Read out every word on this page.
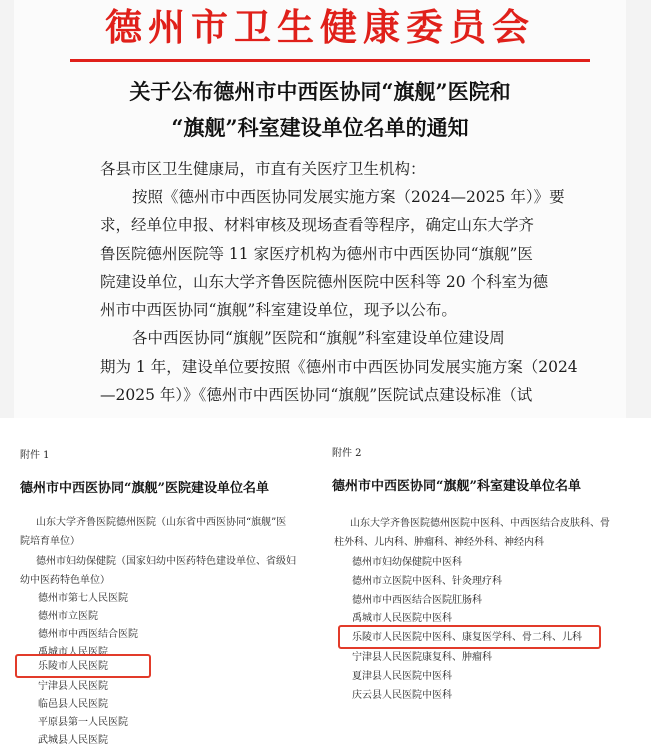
德州市卫生健康委员会
关于公布德州市中西医协同“旗舰”医院和
“旗舰”科室建设单位名单的通知
各县市区卫生健康局，市直有关医疗卫生机构：
按照《德州市中西医协同发展实施方案（2024—2025 年）》要
求，经单位申报、材料审核及现场查看等程序，确定山东大学齐
鲁医院德州医院等 11 家医疗机构为德州市中西医协同“旗舰”医
院建设单位，山东大学齐鲁医院德州医院中医科等 20 个科室为德
州市中西医协同“旗舰”科室建设单位，现予以公布。
各中西医协同“旗舰”医院和“旗舰”科室建设单位建设周
期为 1 年，建设单位要按照《德州市中西医协同发展实施方案（2024
—2025 年）》《德州市中西医协同“旗舰”医院试点建设标准（试
附件 1
德州市中西医协同“旗舰”医院建设单位名单
山东大学齐鲁医院德州医院（山东省中西医协同“旗舰”医
院培育单位）
德州市妇幼保健院（国家妇幼中医药特色建设单位、省级妇
幼中医药特色单位）
德州市第七人民医院
德州市立医院
德州市中西医结合医院
禹城市人民医院
乐陵市人民医院
宁津县人民医院
临邑县人民医院
平原县第一人民医院
武城县人民医院
附件 2
德州市中西医协同“旗舰”科室建设单位名单
山东大学齐鲁医院德州医院中医科、中西医结合皮肤科、骨
柱外科、儿内科、肿瘤科、神经外科、神经内科
德州市妇幼保健院中医科
德州市立医院中医科、针灸理疗科
德州市中西医结合医院肛肠科
禹城市人民医院中医科
乐陵市人民医院中医科、康复医学科、骨二科、儿科
宁津县人民医院康复科、肿瘤科
夏津县人民医院中医科
庆云县人民医院中医科
